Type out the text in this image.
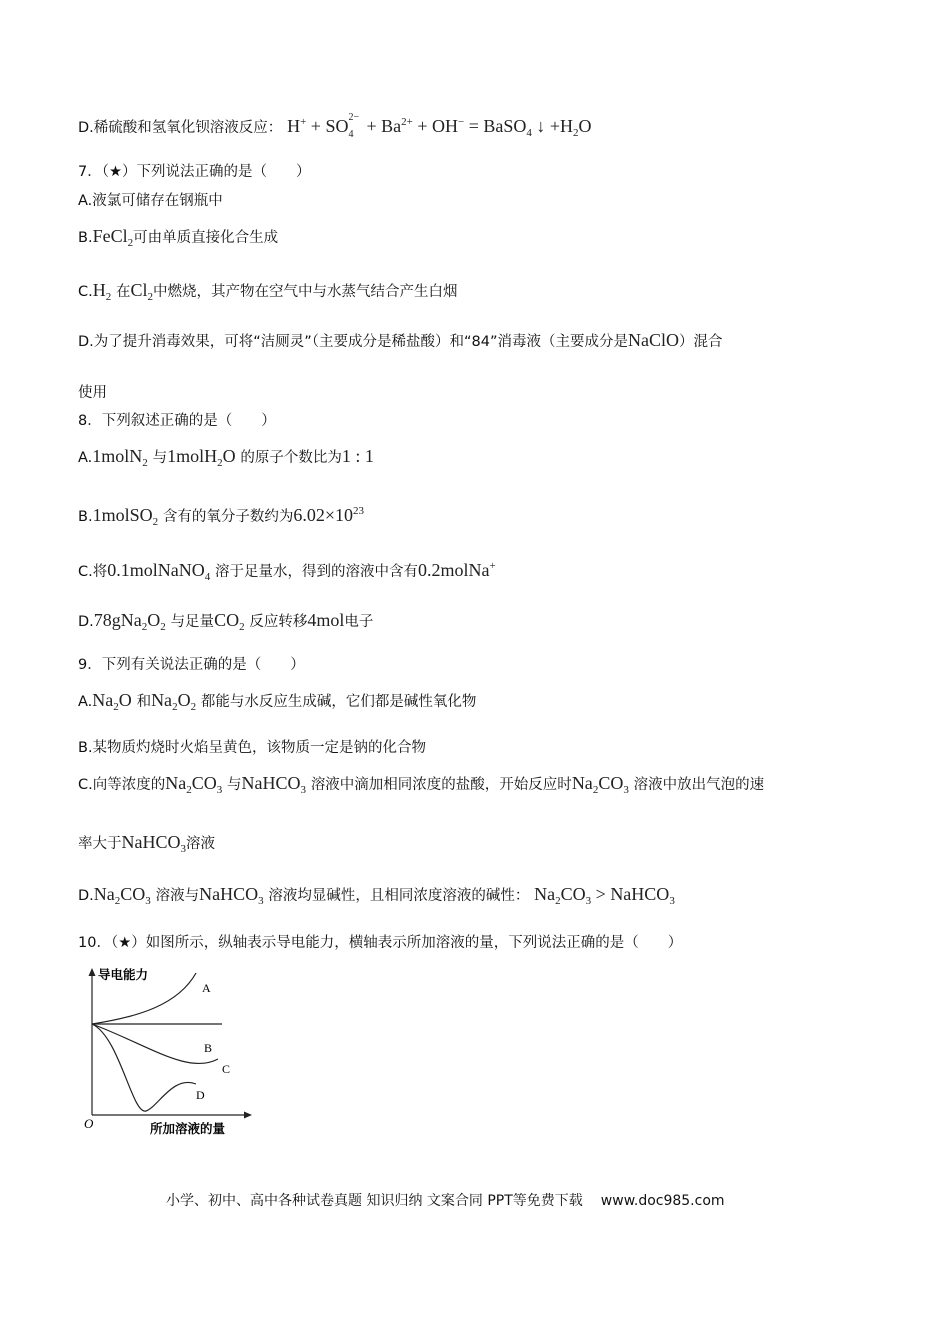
D.稀硫酸和氢氧化钡溶液反应： H+ + SO 2−
$4 + Ba^{2+} + OH^-$ = BaSO$_4$ ↓ $+H_2O$
7．（★）下列说法正确的是（　　）
A.液氯可储存在钢瓶中
B.FeCl$_2$可由单质直接化合生成
$C.H_2$ 在$Cl_2$中燃烧，其产物在空气中与水蒸气结合产生白烟
D.为了提升消毒效果，可将“洁厕灵”（主要成分是稀盐酸）和“84”消毒液（主要成分是NaClO）混合
使用
8．下列叙述正确的是（　　）
A.1molN$_2$ 与1molH$_2$O 的原子个数比为1 : 1
B.1molSO$_2$ 含有的氧分子数约为$6.02\times 10^{23}$
C.将0.1molNaNO$_4$ 溶于足量水，得到的溶液中含有0.2molNa+
$D.78gNa_2O_2$ 与足量$CO_2$ 反应转移4mol电子
9．下列有关说法正确的是（　　）
$A.Na_2O$ 和$Na_2O_2$ 都能与水反应生成碱，它们都是碱性氧化物
B.某物质灼烧时火焰呈黄色，该物质一定是钠的化合物
C.向等浓度的$Na_2CO_3$ 与NaHCO$_3$ 溶液中滴加相同浓度的盐酸，开始反应时$Na_2CO_3$ 溶液中放出气泡的速
率大于NaHCO$_3$溶液
$D.Na_2CO_3$ 溶液与NaHCO$_3$ 溶液均显碱性，且相同浓度溶液的碱性： $Na_2CO_3$ > NaHCO$_3$
10．（★）如图所示，纵轴表示导电能力，横轴表示所加溶液的量，下列说法正确的是（　　）
导电能力
所加溶液的量
O
A
B
C
D
小学、初中、高中各种试卷真题 知识归纳 文案合同 PPT等免费下载 www.doc985.com
